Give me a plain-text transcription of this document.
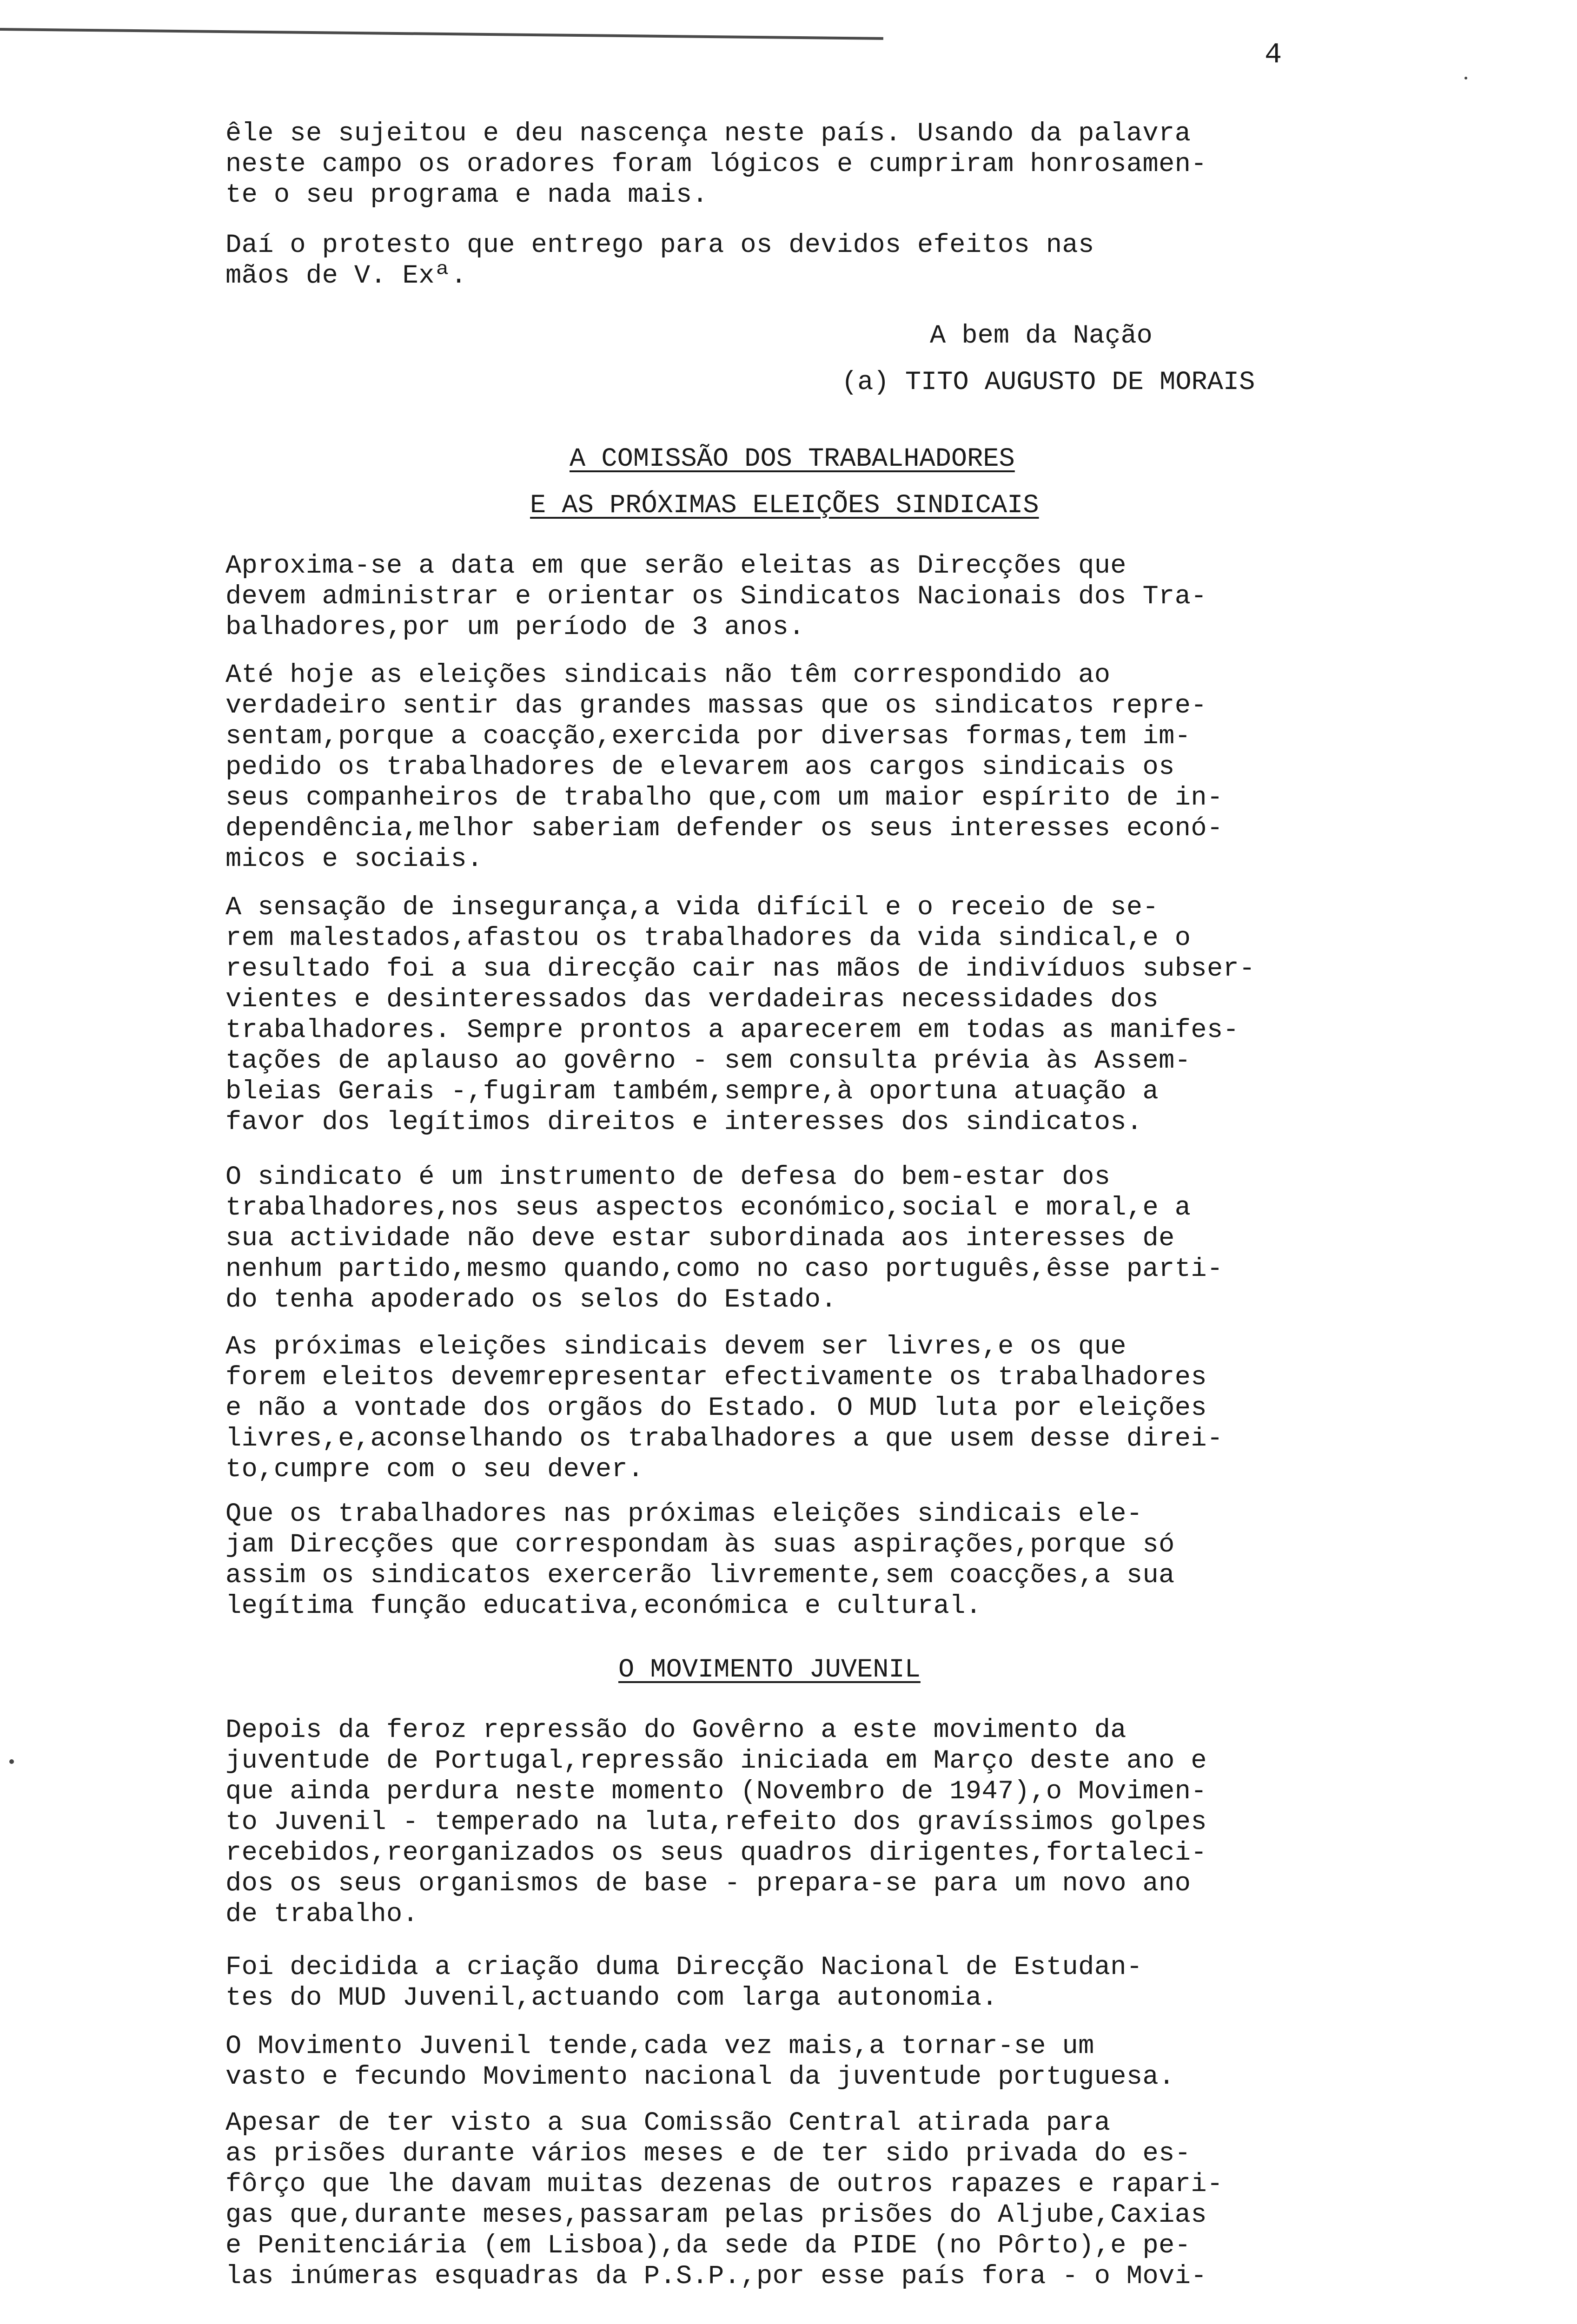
4
êle se sujeitou e deu nascença neste país. Usando da palavra
neste campo os oradores foram lógicos e cumpriram honrosamen-
te o seu programa e nada mais.
Daí o protesto que entrego para os devidos efeitos nas
mãos de V. Exª.
A bem da Nação
(a) TITO AUGUSTO DE MORAIS
A COMISSÃO DOS TRABALHADORES
E AS PRÓXIMAS ELEIÇÕES SINDICAIS
Aproxima-se a data em que serão eleitas as Direcções que
devem administrar e orientar os Sindicatos Nacionais dos Tra-
balhadores,por um período de 3 anos.
Até hoje as eleições sindicais não têm correspondido ao
verdadeiro sentir das grandes massas que os sindicatos repre-
sentam,porque a coacção,exercida por diversas formas,tem im-
pedido os trabalhadores de elevarem aos cargos sindicais os
seus companheiros de trabalho que,com um maior espírito de in-
dependência,melhor saberiam defender os seus interesses econó-
micos e sociais.
A sensação de insegurança,a vida difícil e o receio de se-
rem malestados,afastou os trabalhadores da vida sindical,e o
resultado foi a sua direcção cair nas mãos de indivíduos subser-
vientes e desinteressados das verdadeiras necessidades dos
trabalhadores. Sempre prontos a aparecerem em todas as manifes-
tações de aplauso ao govêrno - sem consulta prévia às Assem-
bleias Gerais -,fugiram também,sempre,à oportuna atuação a
favor dos legítimos direitos e interesses dos sindicatos.
O sindicato é um instrumento de defesa do bem-estar dos
trabalhadores,nos seus aspectos económico,social e moral,e a
sua actividade não deve estar subordinada aos interesses de
nenhum partido,mesmo quando,como no caso português,êsse parti-
do tenha apoderado os selos do Estado.
As próximas eleições sindicais devem ser livres,e os que
forem eleitos devemrepresentar efectivamente os trabalhadores
e não a vontade dos orgãos do Estado. O MUD luta por eleições
livres,e,aconselhando os trabalhadores a que usem desse direi-
to,cumpre com o seu dever.
Que os trabalhadores nas próximas eleições sindicais ele-
jam Direcções que correspondam às suas aspirações,porque só
assim os sindicatos exercerão livremente,sem coacções,a sua
legítima função educativa,económica e cultural.
O MOVIMENTO JUVENIL
Depois da feroz repressão do Govêrno a este movimento da
juventude de Portugal,repressão iniciada em Março deste ano e
que ainda perdura neste momento (Novembro de 1947),o Movimen-
to Juvenil - temperado na luta,refeito dos gravíssimos golpes
recebidos,reorganizados os seus quadros dirigentes,fortaleci-
dos os seus organismos de base - prepara-se para um novo ano
de trabalho.
Foi decidida a criação duma Direcção Nacional de Estudan-
tes do MUD Juvenil,actuando com larga autonomia.
O Movimento Juvenil tende,cada vez mais,a tornar-se um
vasto e fecundo Movimento nacional da juventude portuguesa.
Apesar de ter visto a sua Comissão Central atirada para
as prisões durante vários meses e de ter sido privada do es-
fôrço que lhe davam muitas dezenas de outros rapazes e rapari-
gas que,durante meses,passaram pelas prisões do Aljube,Caxias
e Penitenciária (em Lisboa),da sede da PIDE (no Pôrto),e pe-
las inúmeras esquadras da P.S.P.,por esse país fora - o Movi-
